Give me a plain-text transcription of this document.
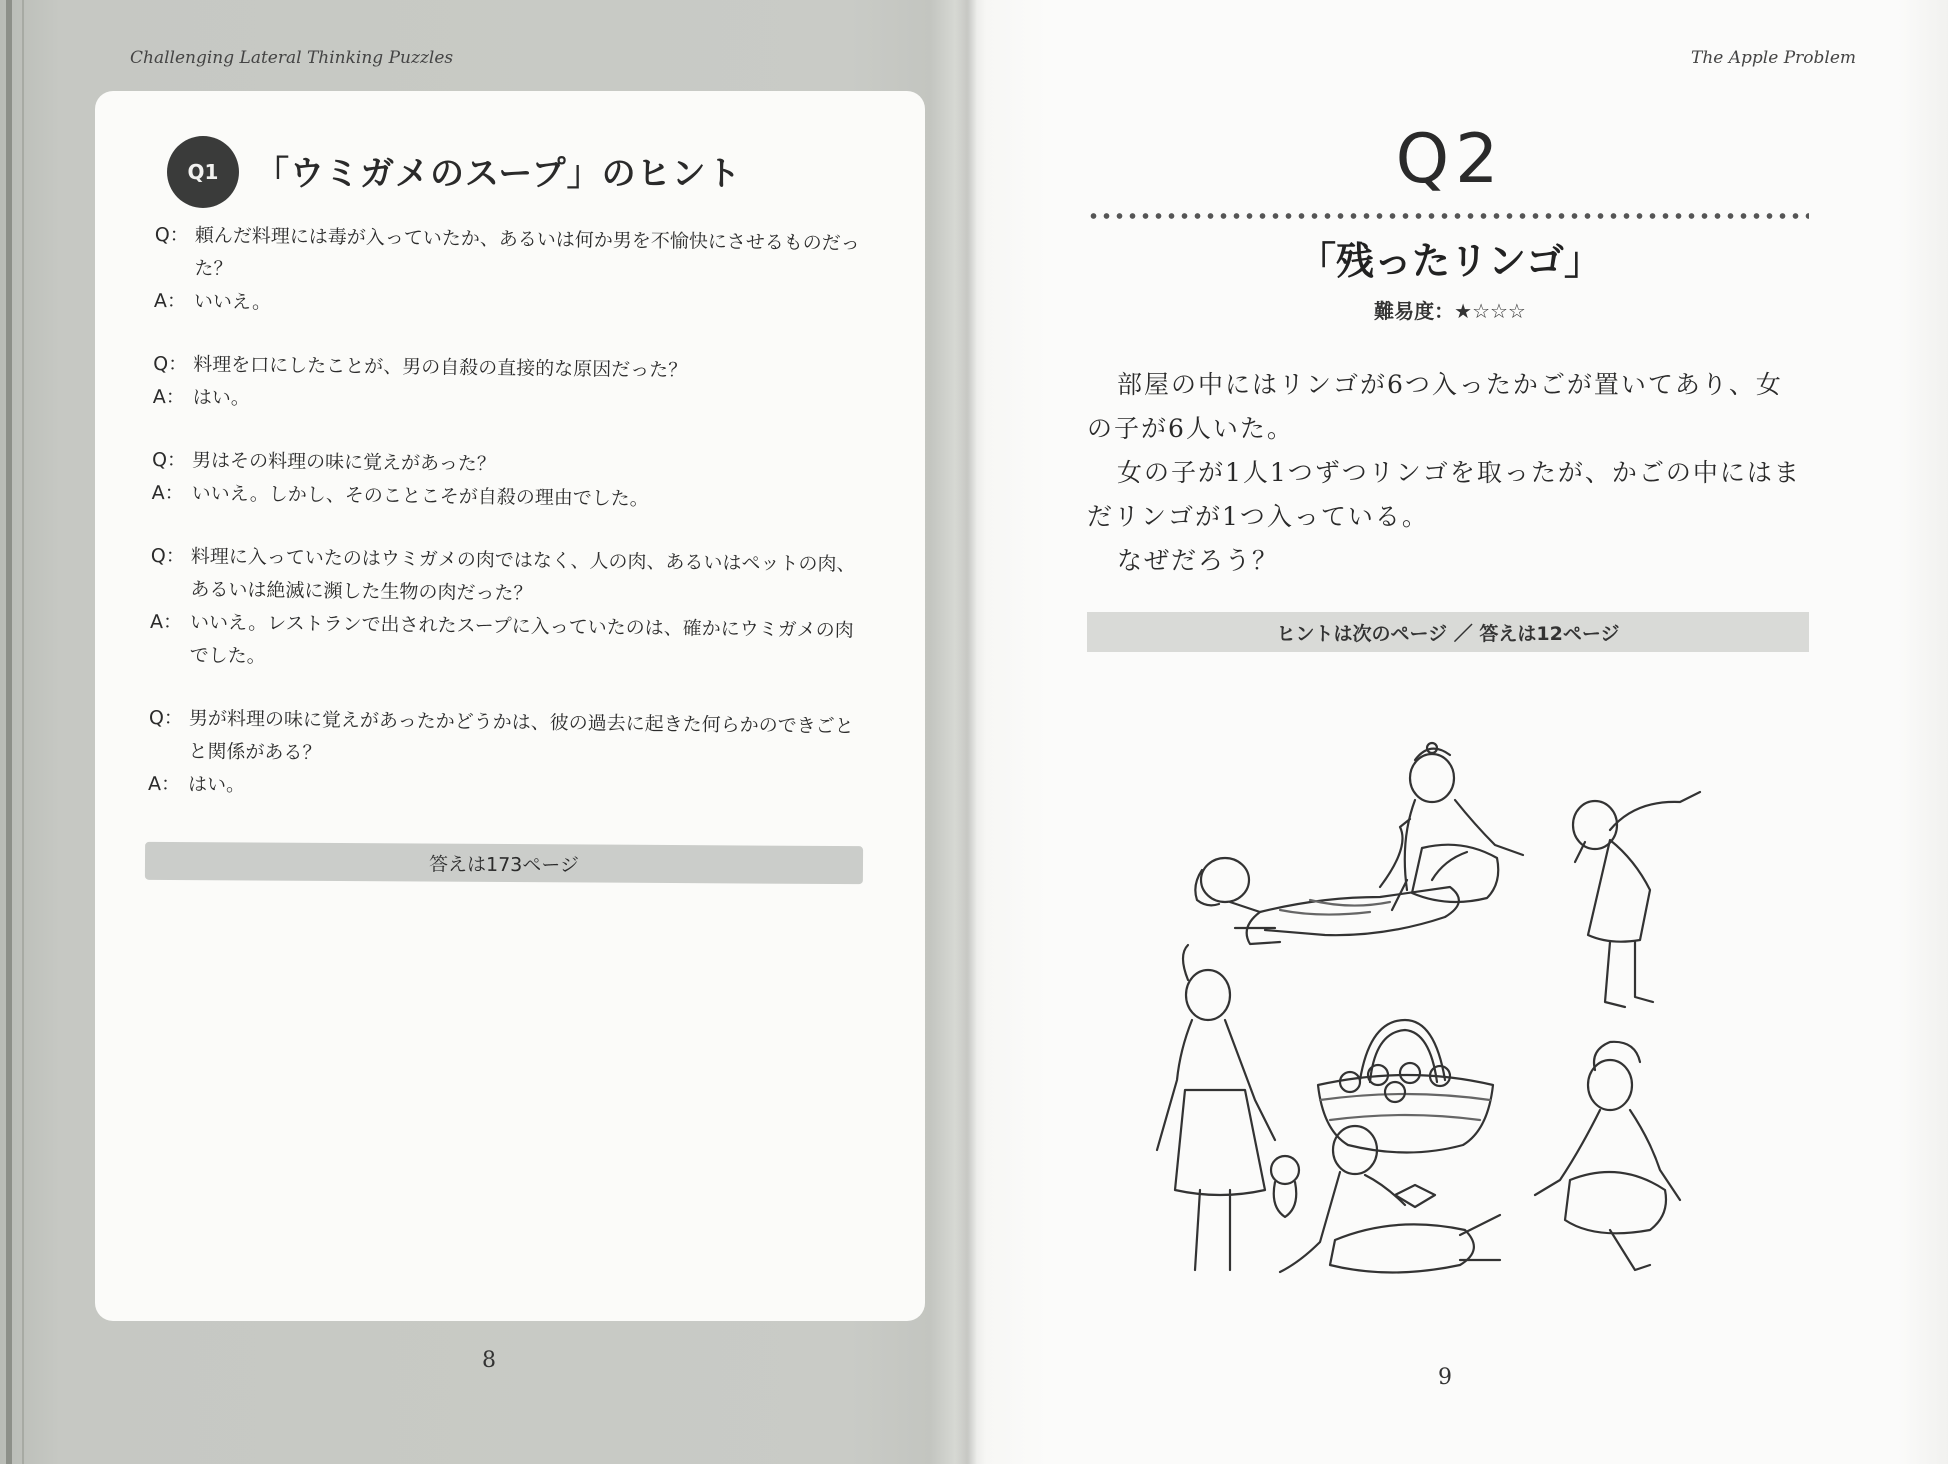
Challenging Lateral Thinking Puzzles
Q1	「ウミガメのスープ」のヒント
Q： 頼んだ料理には毒が入っていたか、あるいは何か男を不愉快にさせるものだった？
A： いいえ。
Q： 料理を口にしたことが、男の自殺の直接的な原因だった？
A： はい。
Q： 男はその料理の味に覚えがあった？
A： いいえ。しかし、そのことこそが自殺の理由でした。
Q： 料理に入っていたのはウミガメの肉ではなく、人の肉、あるいはペットの肉、あるいは絶滅に瀕した生物の肉だった？
A： いいえ。レストランで出されたスープに入っていたのは、確かにウミガメの肉でした。
Q： 男が料理の味に覚えがあったかどうかは、彼の過去に起きた何らかのできごとと関係がある？
A： はい。
答えは173ページ
8
The Apple Problem
Q2
「残ったリンゴ」
難易度：★☆☆☆

部屋の中にはリンゴが6つ入ったかごが置いてあり、女の子が6人いた。

女の子が1人1つずつリンゴを取ったが、かごの中にはまだリンゴが1つ入っている。

なぜだろう？

ヒントは次のページ ／ 答えは12ページ
9
